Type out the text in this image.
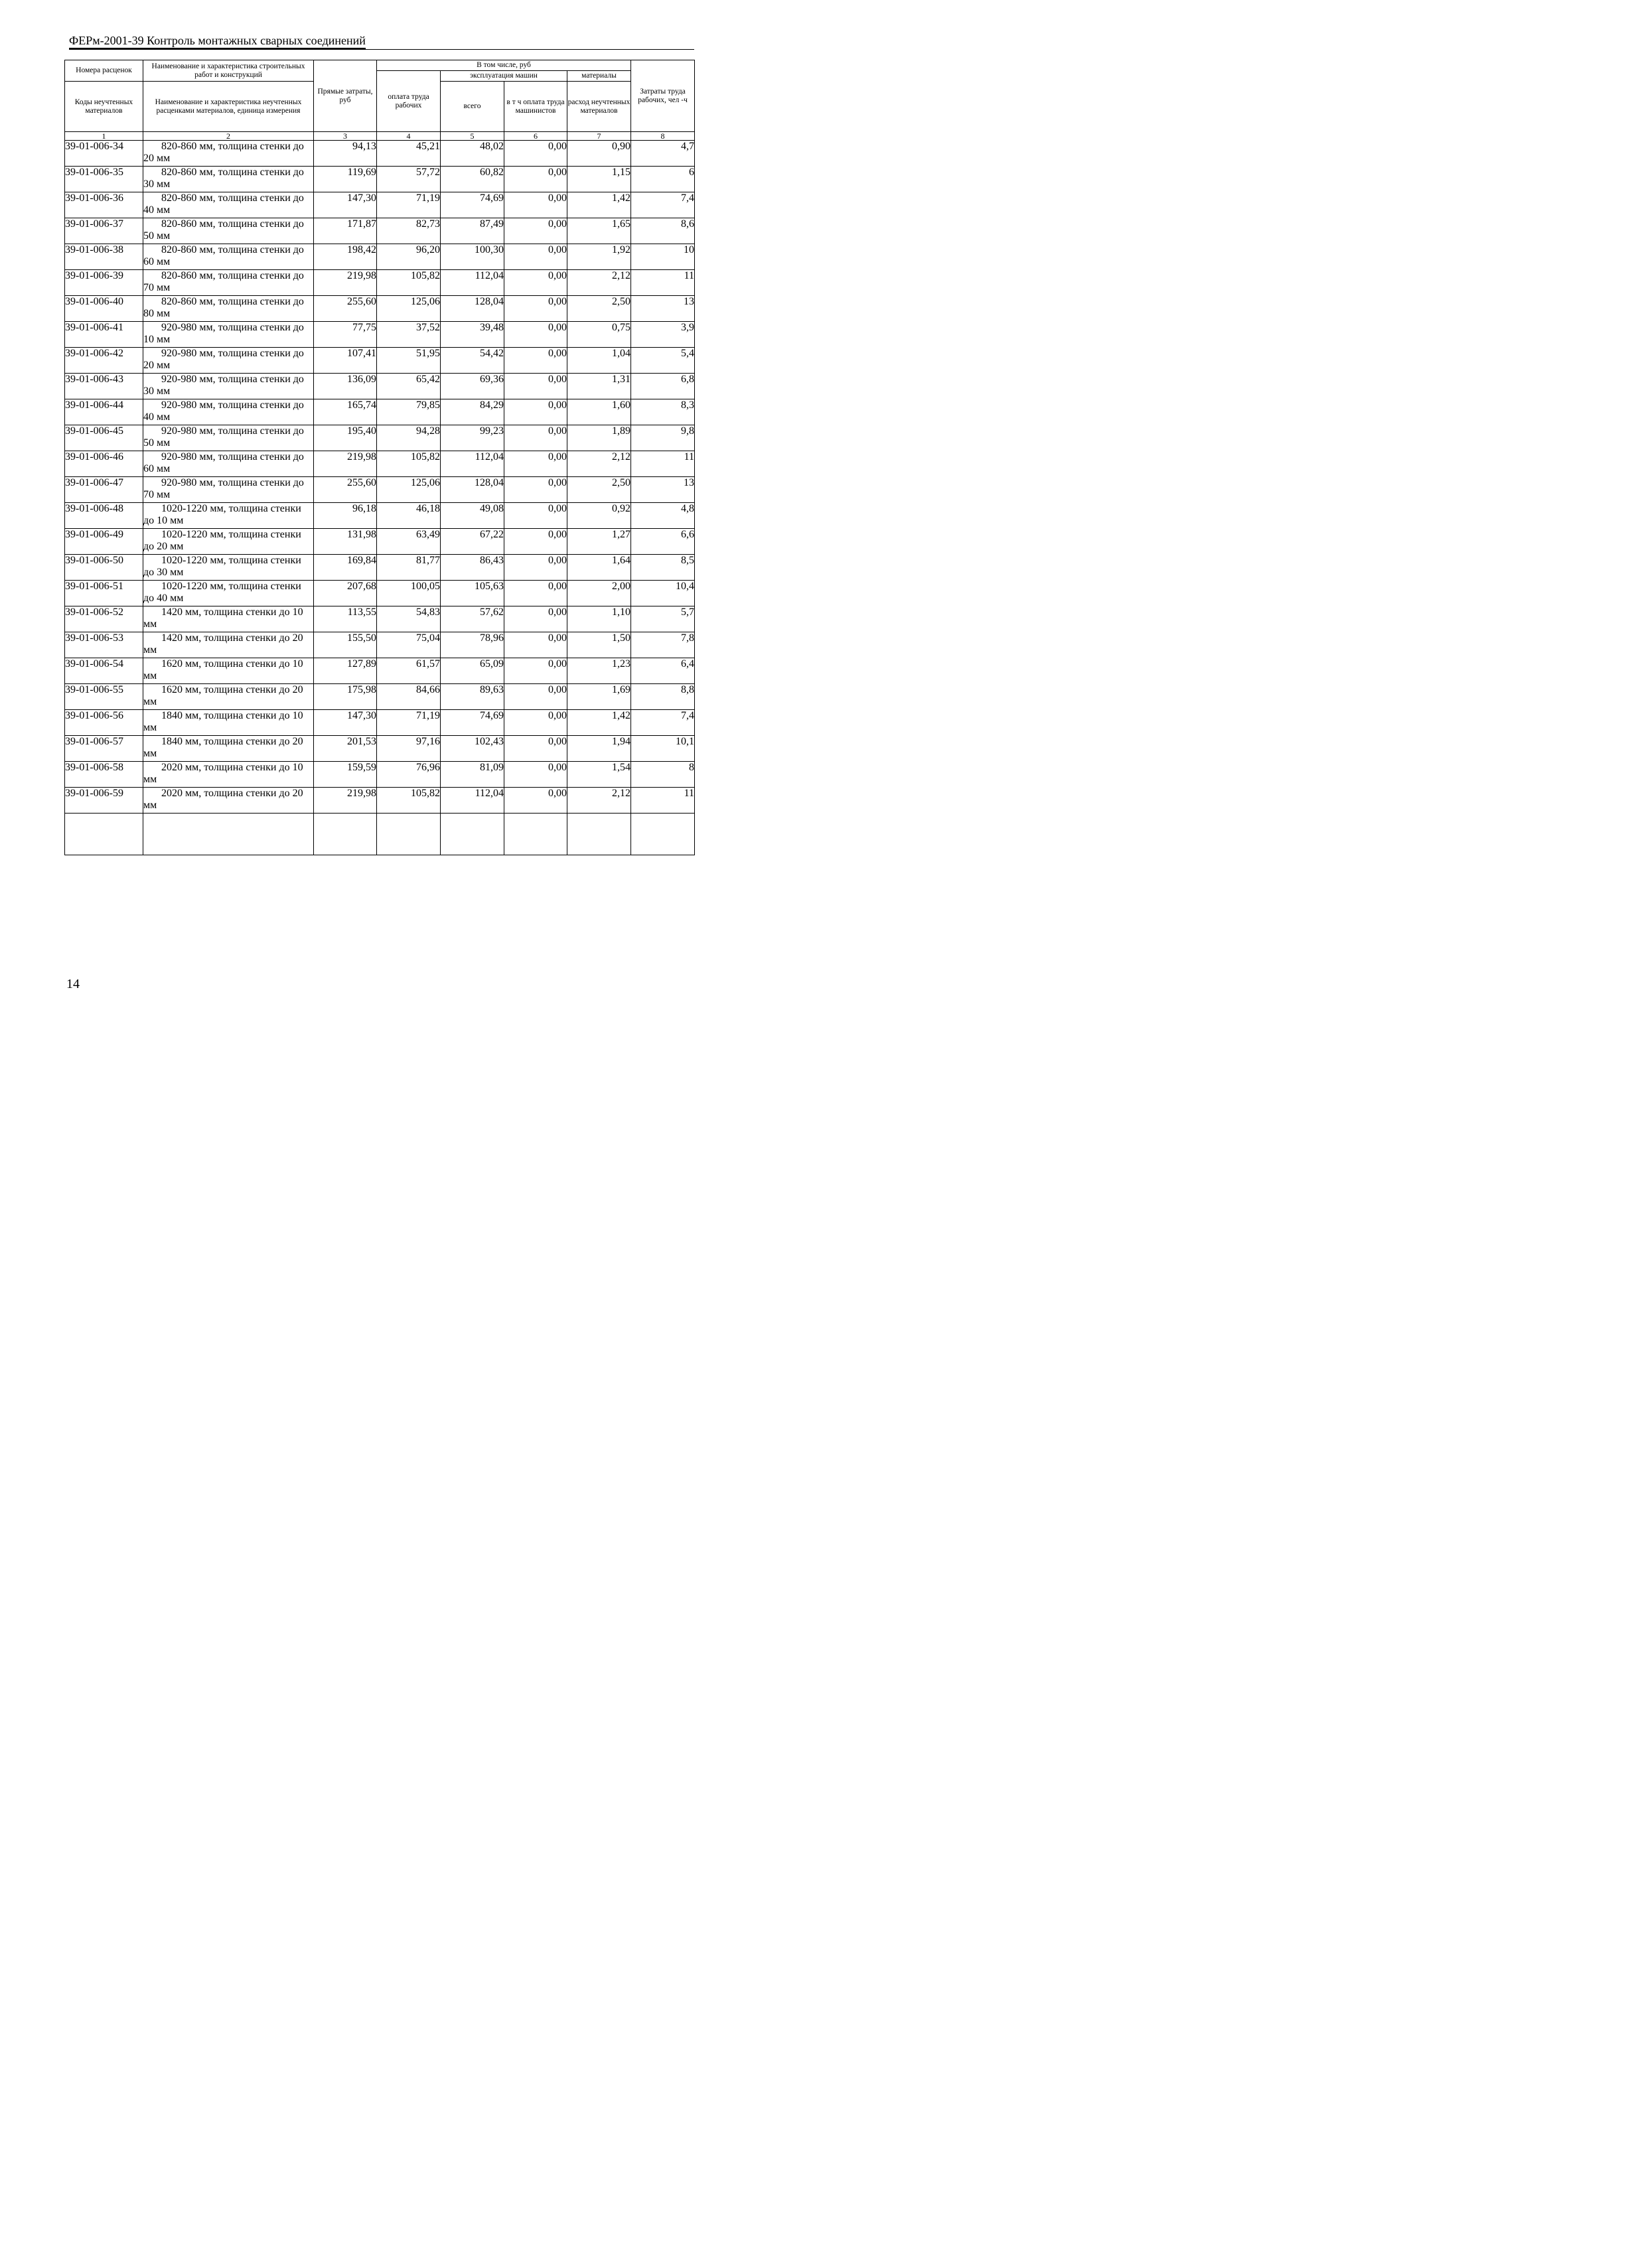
ФЕРм-2001-39 Контроль монтажных сварных соединений
Номера расценок	Наименование и характеристика строительных работ и конструкций	Прямые затраты, руб	В том числе, руб				Затраты труда рабочих, чел -ч
			оплата труда рабочих	эксплуатация машин		материалы	
Коды неучтенных материалов	Наименование и характеристика неучтенных расценками материалов, единица измерения			всего	в т ч оплата труда машинистов	расход неучтенных материалов	

1	2	3	4	5	6	7	8
39-01-006-34	820-860 мм, толщина стенки до 20 мм	94,13	45,21	48,02	0,00	0,90	4,7
39-01-006-35	820-860 мм, толщина стенки до 30 мм	119,69	57,72	60,82	0,00	1,15	6
39-01-006-36	820-860 мм, толщина стенки до 40 мм	147,30	71,19	74,69	0,00	1,42	7,4
39-01-006-37	820-860 мм, толщина стенки до 50 мм	171,87	82,73	87,49	0,00	1,65	8,6
39-01-006-38	820-860 мм, толщина стенки до 60 мм	198,42	96,20	100,30	0,00	1,92	10
39-01-006-39	820-860 мм, толщина стенки до 70 мм	219,98	105,82	112,04	0,00	2,12	11
39-01-006-40	820-860 мм, толщина стенки до 80 мм	255,60	125,06	128,04	0,00	2,50	13
39-01-006-41	920-980 мм, толщина стенки до 10 мм	77,75	37,52	39,48	0,00	0,75	3,9
39-01-006-42	920-980 мм, толщина стенки до 20 мм	107,41	51,95	54,42	0,00	1,04	5,4
39-01-006-43	920-980 мм, толщина стенки до 30 мм	136,09	65,42	69,36	0,00	1,31	6,8
39-01-006-44	920-980 мм, толщина стенки до 40 мм	165,74	79,85	84,29	0,00	1,60	8,3
39-01-006-45	920-980 мм, толщина стенки до 50 мм	195,40	94,28	99,23	0,00	1,89	9,8
39-01-006-46	920-980 мм, толщина стенки до 60 мм	219,98	105,82	112,04	0,00	2,12	11
39-01-006-47	920-980 мм, толщина стенки до 70 мм	255,60	125,06	128,04	0,00	2,50	13
39-01-006-48	1020-1220 мм, толщина стенки до 10 мм	96,18	46,18	49,08	0,00	0,92	4,8
39-01-006-49	1020-1220 мм, толщина стенки до 20 мм	131,98	63,49	67,22	0,00	1,27	6,6
39-01-006-50	1020-1220 мм, толщина стенки до 30 мм	169,84	81,77	86,43	0,00	1,64	8,5
39-01-006-51	1020-1220 мм, толщина стенки до 40 мм	207,68	100,05	105,63	0,00	2,00	10,4
39-01-006-52	1420 мм, толщина стенки до 10 мм	113,55	54,83	57,62	0,00	1,10	5,7
39-01-006-53	1420 мм, толщина стенки до 20 мм	155,50	75,04	78,96	0,00	1,50	7,8
39-01-006-54	1620 мм, толщина стенки до 10 мм	127,89	61,57	65,09	0,00	1,23	6,4
39-01-006-55	1620 мм, толщина стенки до 20 мм	175,98	84,66	89,63	0,00	1,69	8,8
39-01-006-56	1840 мм, толщина стенки до 10 мм	147,30	71,19	74,69	0,00	1,42	7,4
39-01-006-57	1840 мм, толщина стенки до 20 мм	201,53	97,16	102,43	0,00	1,94	10,1
39-01-006-58	2020 мм, толщина стенки до 10 мм	159,59	76,96	81,09	0,00	1,54	8
39-01-006-59	2020 мм, толщина стенки до 20 мм	219,98	105,82	112,04	0,00	2,12	11

14
